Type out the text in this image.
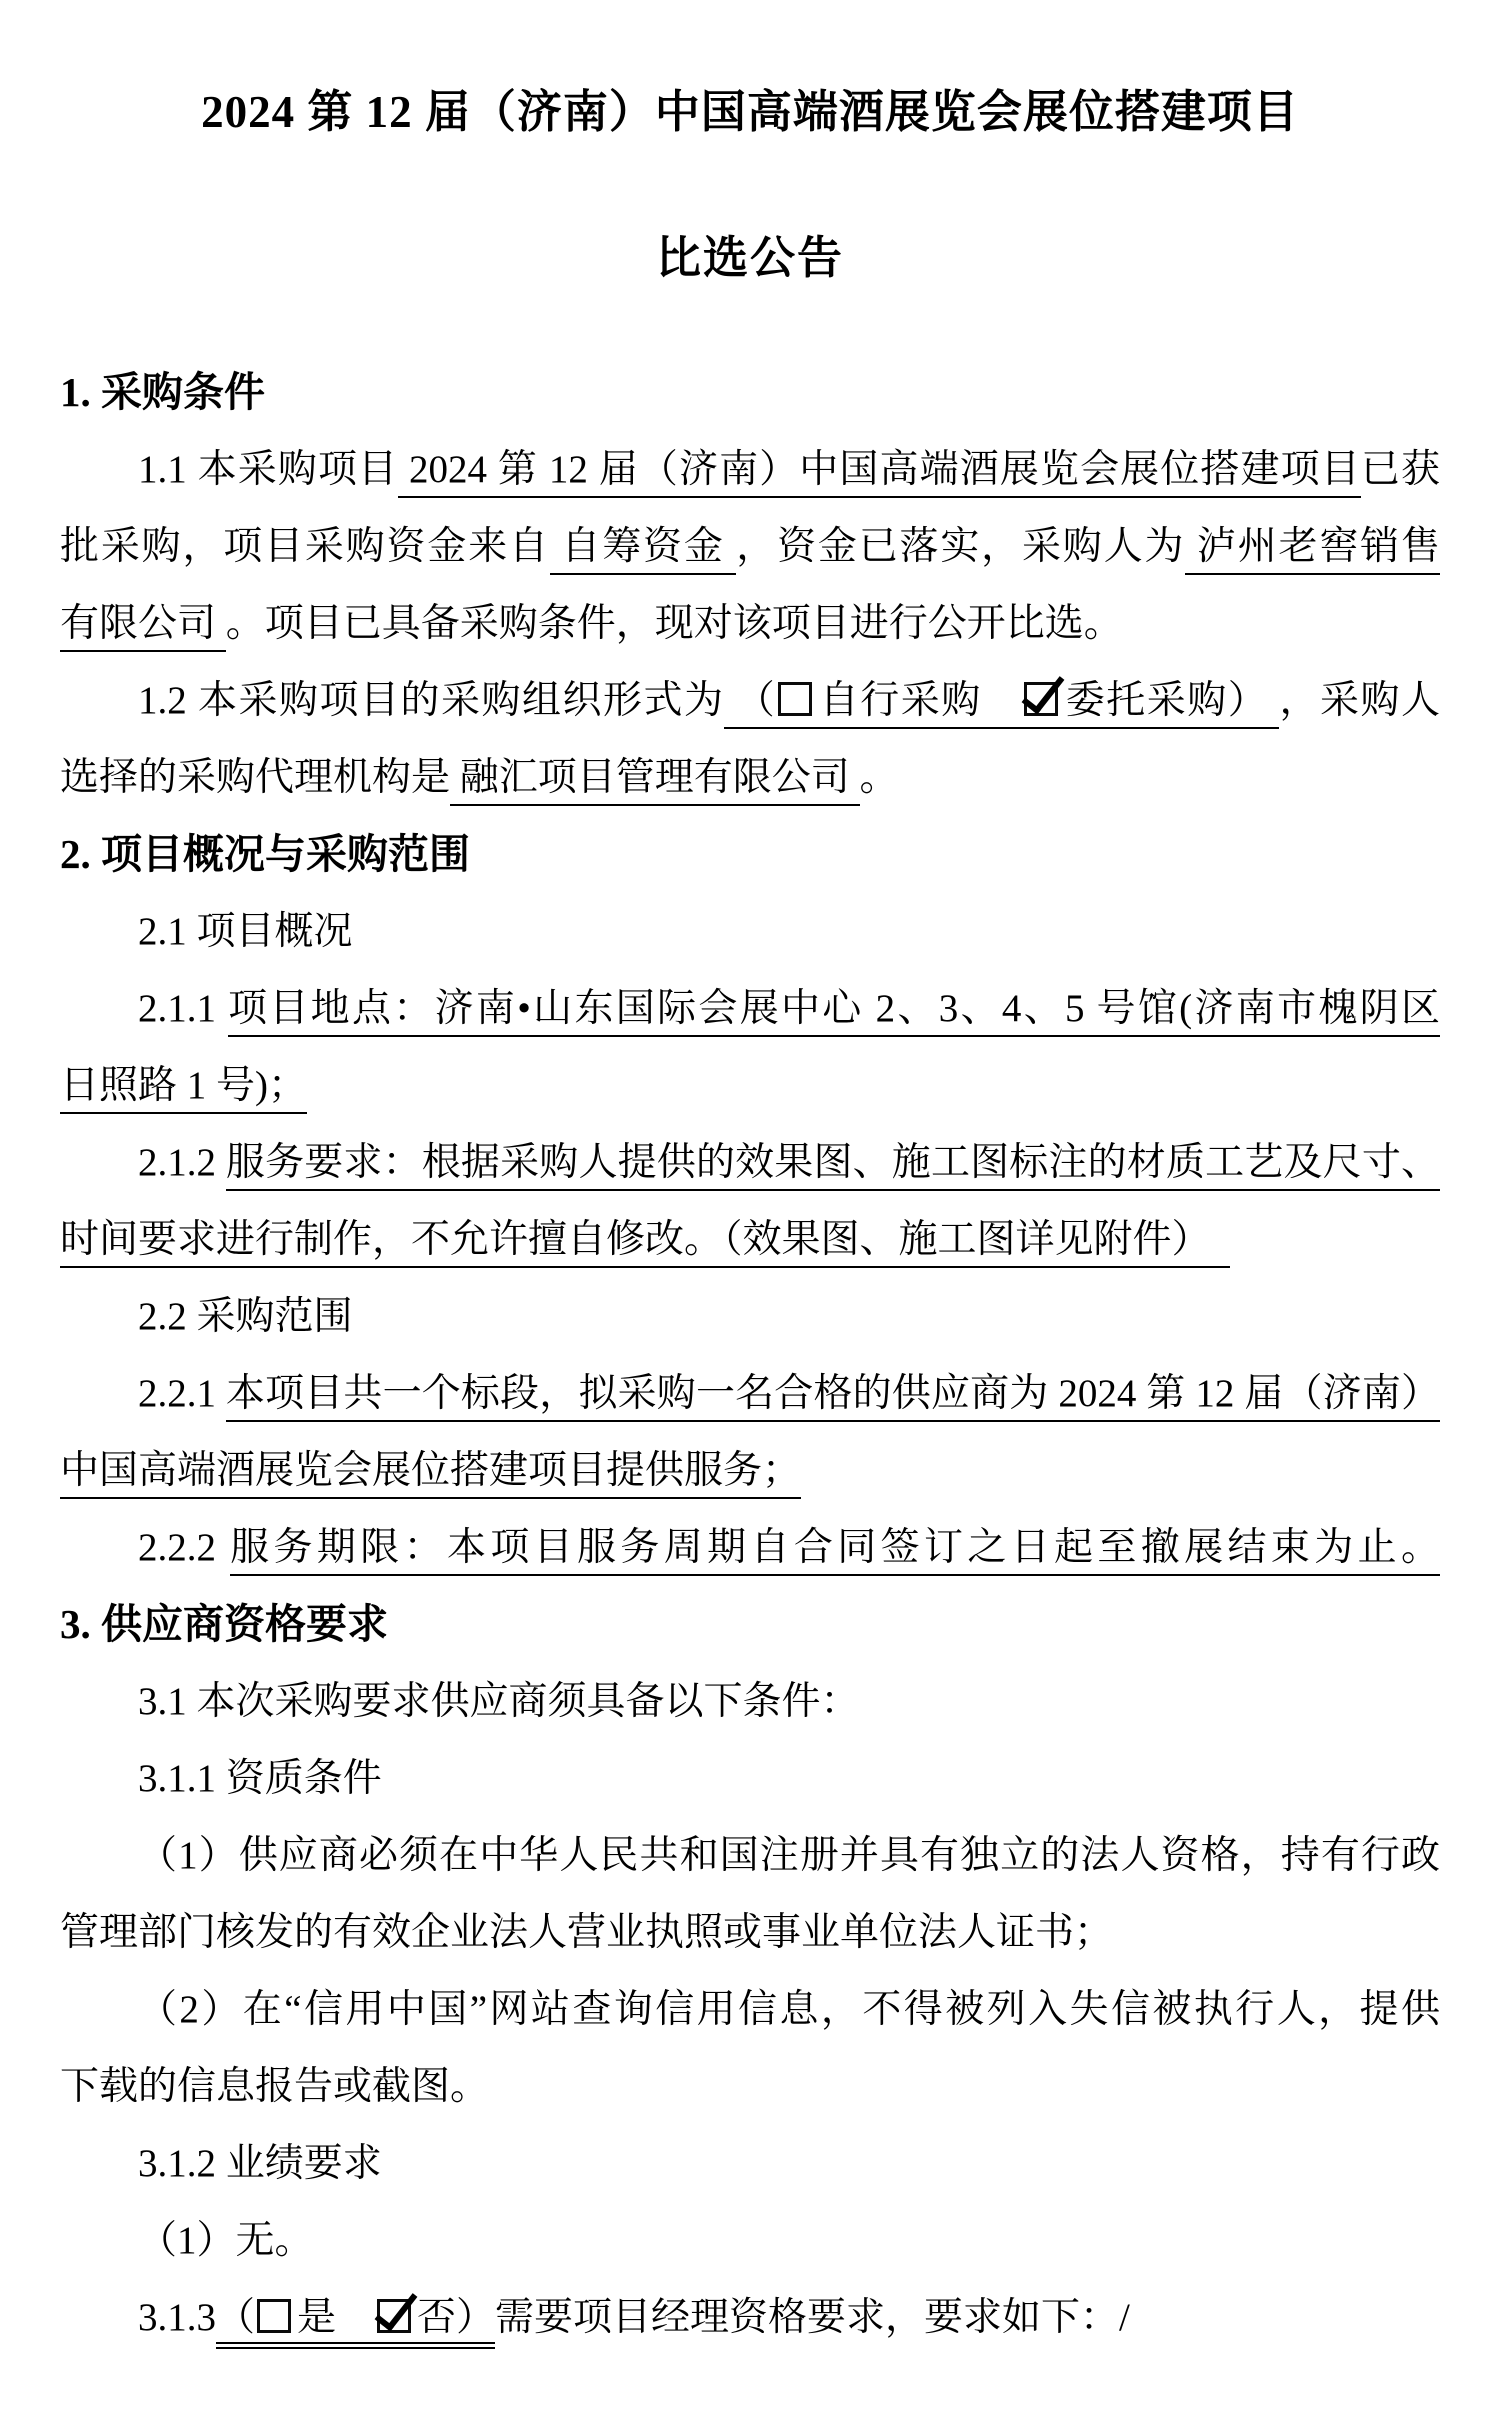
2024 第 12 届（济南）中国高端酒展览会展位搭建项目
比选公告
1. 采购条件
1.1 本采购项目 2024 第 12 届（济南）中国高端酒展览会展位搭建项目已获
批采购，项目采购资金来自 自筹资金 ，资金已落实，采购人为 泸州老窖销售
有限公司 。项目已具备采购条件，现对该项目进行公开比选。
1.2 本采购项目的采购组织形式为 （ 自行采购　委托采购） ，采购人
选择的采购代理机构是 融汇项目管理有限公司 。
2. 项目概况与采购范围
2.1 项目概况
2.1.1 项目地点：济南•山东国际会展中心 2、3、4、5 号馆(济南市槐阴区
日照路 1 号)；
2.1.2 服务要求：根据采购人提供的效果图、施工图标注的材质工艺及尺寸、
时间要求进行制作，不允许擅自修改。（效果图、施工图详见附件）　
2.2 采购范围
2.2.1 本项目共一个标段，拟采购一名合格的供应商为 2024 第 12 届（济南）
中国高端酒展览会展位搭建项目提供服务；
2.2.2 服务期限：本项目服务周期自合同签订之日起至撤展结束为止。
3. 供应商资格要求
3.1 本次采购要求供应商须具备以下条件：
3.1.1 资质条件
（1）供应商必须在中华人民共和国注册并具有独立的法人资格，持有行政
管理部门核发的有效企业法人营业执照或事业单位法人证书；
（2）在“信用中国”网站查询信用信息，不得被列入失信被执行人，提供
下载的信息报告或截图。
3.1.2 业绩要求
（1）无。
3.1.3（ 是　否）需要项目经理资格要求，要求如下：/
